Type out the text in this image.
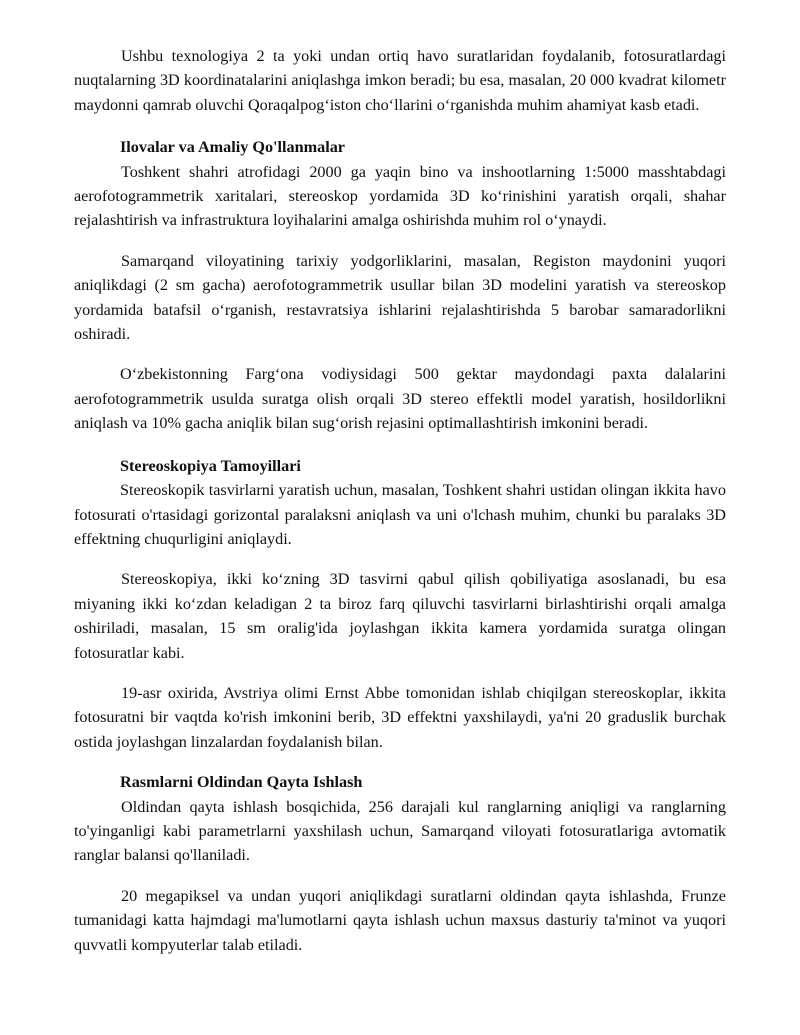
Ushbu texnologiya 2 ta yoki undan ortiq havo suratlaridan foydalanib, fotosuratlardagi nuqtalarning 3D koordinatalarini aniqlashga imkon beradi; bu esa, masalan, 20 000 kvadrat kilometr maydonni qamrab oluvchi Qoraqalpog‘iston cho‘llarini o‘rganishda muhim ahamiyat kasb etadi.

Ilovalar va Amaliy Qo'llanmalar

Toshkent shahri atrofidagi 2000 ga yaqin bino va inshootlarning 1:5000 masshtabdagi aerofotogrammetrik xaritalari, stereoskop yordamida 3D ko‘rinishini yaratish orqali, shahar rejalashtirish va infrastruktura loyihalarini amalga oshirishda muhim rol o‘ynaydi.

Samarqand viloyatining tarixiy yodgorliklarini, masalan, Registon maydonini yuqori aniqlikdagi (2 sm gacha) aerofotogrammetrik usullar bilan 3D modelini yaratish va stereoskop yordamida batafsil o‘rganish, restavratsiya ishlarini rejalashtirishda 5 barobar samaradorlikni oshiradi.

O‘zbekistonning Farg‘ona vodiysidagi 500 gektar maydondagi paxta dalalarini aerofotogrammetrik usulda suratga olish orqali 3D stereo effektli model yaratish, hosildorlikni aniqlash va 10% gacha aniqlik bilan sug‘orish rejasini optimallashtirish imkonini beradi.

Stereoskopiya Tamoyillari

Stereoskopik tasvirlarni yaratish uchun, masalan, Toshkent shahri ustidan olingan ikkita havo fotosurati o'rtasidagi gorizontal paralaksni aniqlash va uni o'lchash muhim, chunki bu paralaks 3D effektning chuqurligini aniqlaydi.

Stereoskopiya, ikki ko‘zning 3D tasvirni qabul qilish qobiliyatiga asoslanadi, bu esa miyaning ikki ko‘zdan keladigan 2 ta biroz farq qiluvchi tasvirlarni birlashtirishi orqali amalga oshiriladi, masalan, 15 sm oralig'ida joylashgan ikkita kamera yordamida suratga olingan fotosuratlar kabi.

19-asr oxirida, Avstriya olimi Ernst Abbe tomonidan ishlab chiqilgan stereoskoplar, ikkita fotosuratni bir vaqtda ko'rish imkonini berib, 3D effektni yaxshilaydi, ya'ni 20 graduslik burchak ostida joylashgan linzalardan foydalanish bilan.

Rasmlarni Oldindan Qayta Ishlash

Oldindan qayta ishlash bosqichida, 256 darajali kul ranglarning aniqligi va ranglarning to'yinganligi kabi parametrlarni yaxshilash uchun, Samarqand viloyati fotosuratlariga avtomatik ranglar balansi qo'llaniladi.

20 megapiksel va undan yuqori aniqlikdagi suratlarni oldindan qayta ishlashda, Frunze tumanidagi katta hajmdagi ma'lumotlarni qayta ishlash uchun maxsus dasturiy ta'minot va yuqori quvvatli kompyuterlar talab etiladi.
